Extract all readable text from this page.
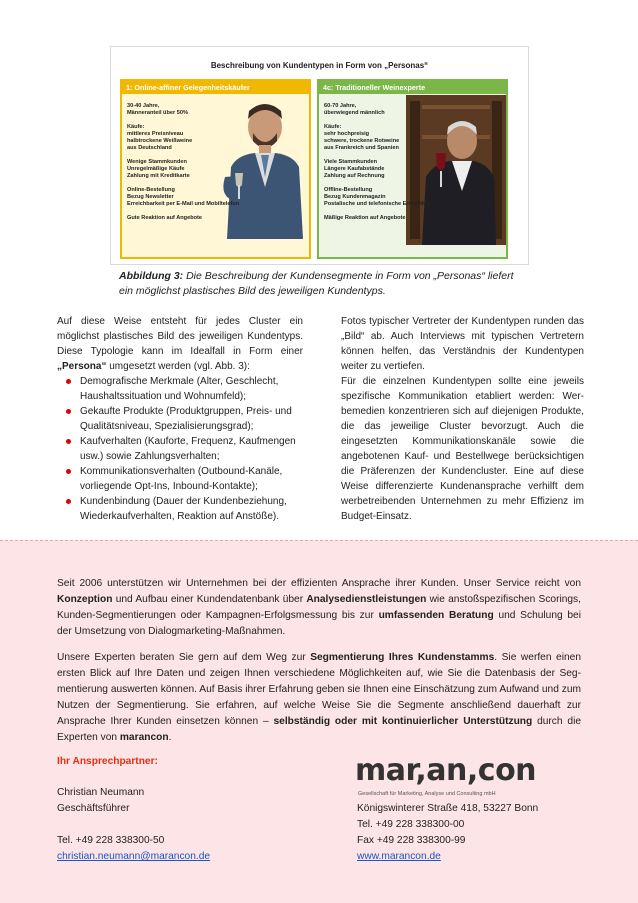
Beschreibung von Kundentypen in Form von „Personas“
1: Online-affiner Gelegenheitskäufer
30-40 Jahre,
Männeranteil über 50%
Käufe:
mittleres Preisniveau
halbtrockene Weißweine
aus Deutschland
Wenige Stammkunden
Unregelmäßige Käufe
Zahlung mit Kreditkarte
Online-Bestellung
Bezug Newsletter
Erreichbarkeit per E-Mail und Mobiltelefon
Gute Reaktion auf Angebote
4c: Traditioneller Weinexperte
60-70 Jahre,
überwiegend männlich
Käufe:
sehr hochpreisig
schwere, trockene Rotweine
aus Frankreich und Spanien
Viele Stammkunden
Längere Kaufabstände
Zahlung auf Rechnung
Offline-Bestellung
Bezug Kundenmagazin
Postalische und telefonische Erreichbarkeit
Mäßige Reaktion auf Angebote
Abbildung 3: Die Beschreibung der Kundensegmente in Form von „Personas“ liefert ein möglichst plastisches Bild des jeweiligen Kundentyps.

Auf diese Weise entsteht für jedes Cluster ein möglichst plastisches Bild des jeweiligen Kundentyps. Diese Typologie kann im Idealfall in Form einer „Persona“ umgesetzt werden (vgl. Abb. 3):

Demografische Merkmale (Alter, Geschlecht, Haushaltssituation und Wohnumfeld);
Gekaufte Produkte (Produktgruppen, Preis- und Qualitätsniveau, Spezialisierungsgrad);
Kaufverhalten (Kauforte, Frequenz, Kaufmengen usw.) sowie Zahlungsverhalten;
Kommunikationsverhalten (Outbound-Kanäle, vorliegende Opt-Ins, Inbound-Kontakte);
Kundenbindung (Dauer der Kundenbeziehung, Wiederkaufverhalten, Reaktion auf Anstöße).

Fotos typischer Vertreter der Kundentypen runden das „Bild“ ab. Auch Interviews mit typischen Vertretern können helfen, das Verständnis der Kundentypen weiter zu vertiefen.

Für die einzelnen Kundentypen sollte eine jeweils spezifische Kommunikation etabliert werden: Werbemedien konzentrieren sich auf diejenigen Produkte, die das jeweilige Cluster bevorzugt. Auch die eingesetzten Kommunikationskanäle sowie die angebotenen Kauf- und Bestellwege berücksichtigen die Präferenzen der Kundencluster. Eine auf diese Weise differenzierte Kundenansprache verhilft dem werbetreibenden Unternehmen zu mehr Effizienz im Budget-Einsatz.

Seit 2006 unterstützen wir Unternehmen bei der effizienten Ansprache ihrer Kunden. Unser Service reicht von Konzeption und Aufbau einer Kundendatenbank über Analysedienstleistungen wie anstoßspezifischen Scorings, Kunden-Segmentierungen oder Kampagnen-Erfolgsmessung bis zur umfassenden Beratung und Schulung bei der Umsetzung von Dialogmarketing-Maßnahmen.
Unsere Experten beraten Sie gern auf dem Weg zur Segmentierung Ihres Kundenstamms. Sie werfen einen ersten Blick auf Ihre Daten und zeigen Ihnen verschiedene Möglichkeiten auf, wie Sie die Datenbasis der Segmentierung auswerten können. Auf Basis ihrer Erfahrung geben sie Ihnen eine Einschätzung zum Aufwand und zum Nutzen der Segmentierung. Sie erfahren, auf welche Weise Sie die Segmente anschließend dauerhaft zur Ansprache Ihrer Kunden einsetzen können – selbständig oder mit kontinuierlicher Unterstützung durch die Experten von marancon.
Ihr Ansprechpartner:
Christian Neumann
Geschäftsführer
Tel. +49 228 338300-50
christian.neumann@marancon.de
mar,an,con
Gesellschaft für Marketing, Analyse und Consulting mbH
Königswinterer Straße 418, 53227 Bonn
Tel. +49 228 338300-00
Fax +49 228 338300-99
www.marancon.de
